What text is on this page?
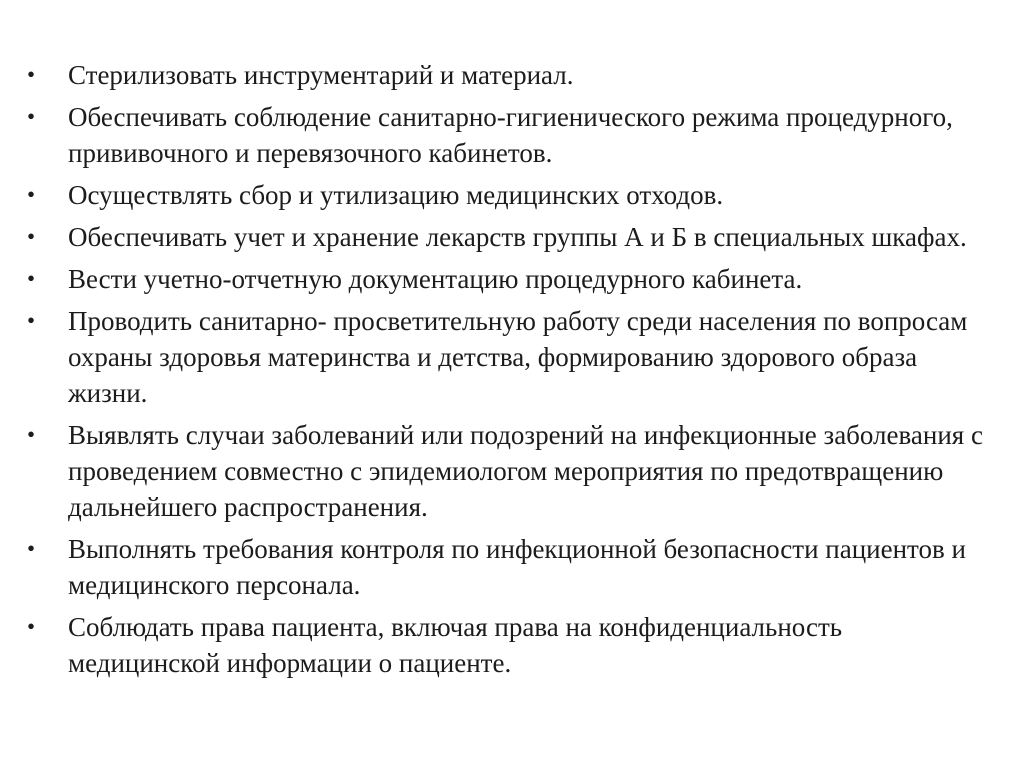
• Стерилизовать инструментарий и материал.
• Обеспечивать соблюдение санитарно-гигиенического режима процедурного, прививочного и перевязочного кабинетов.
• Осуществлять сбор и утилизацию медицинских отходов.
• Обеспечивать учет и хранение лекарств группы А и Б в специальных шкафах.
• Вести учетно-отчетную документацию процедурного кабинета.
• Проводить санитарно- просветительную работу среди населения по вопросам охраны здоровья материнства и детства, формированию здорового образа жизни.
• Выявлять случаи заболеваний или подозрений на инфекционные заболевания с проведением совместно с эпидемиологом мероприятия по предотвращению дальнейшего распространения.
• Выполнять требования контроля по инфекционной безопасности пациентов и медицинского персонала.
• Соблюдать права пациента, включая права на конфиденциальность медицинской информации о пациенте.
